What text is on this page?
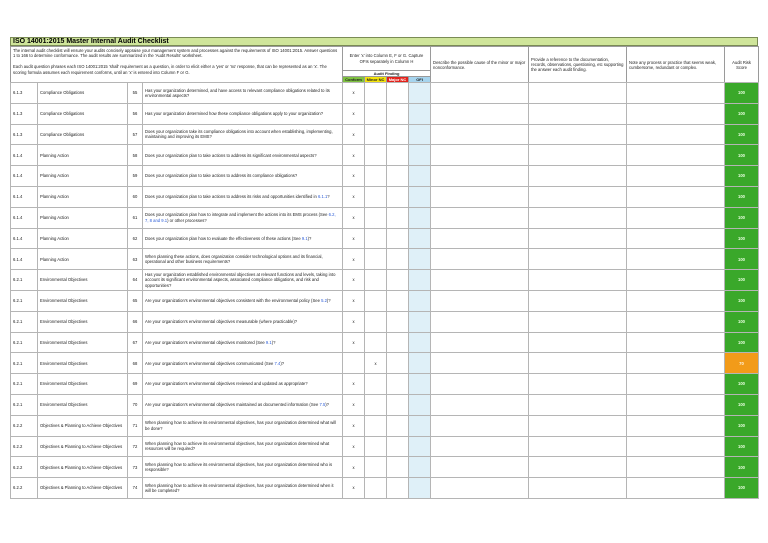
ISO 14001:2015 Master Internal Audit Checklist
The internal audit checklist will ensure your audits concisely appraise your management system and processes against the requirements of ISO 14001:2015. Answer questions 1 to 166 to determine conformance. The audit results are summarized in the 'Audit Results' worksheet.
Each audit question phrases each ISO 14001:2015 'shall' requirement as a question, in order to elicit either a 'yes' or 'no' response, that can be represented as an 'x'. The scoring formula assumes each requirement conforms, until an 'x' is entered into Column F or G.	Enter 'x' into Column E, F or G. Capture OFIs separately in Column H				Describe the possible cause of the minor or major nonconformance.	Provide a reference to the documentation, records, observations, questioning, etc supporting the answer each audit finding.	Note any process or practice that seems weak, cumbersome, redundant or complex.	Audit Risk Score
	Audit Finding							
	Conform	Minor NC	Major NC	OFI				
6.1.3	Compliance Obligations	55	Has your organization determined, and have access to relevant compliance obligations related to its environmental aspects?	x							100
6.1.3	Compliance Obligations	56	Has your organization determined how these compliance obligations apply to your organization?	x							100
6.1.3	Compliance Obligations	57	Does your organization take its compliance obligations into account when establishing, implementing, maintaining and improving its EMS?	x							100
6.1.4	Planning Action	58	Does your organization plan to take actions to address its significant environmental aspects?	x							100
6.1.4	Planning Action	59	Does your organization plan to take actions to address its compliance obligations?	x							100
6.1.4	Planning Action	60	Does your organization plan to take actions to address its risks and opportunities identified in 6.1.1?	x							100
6.1.4	Planning Action	61	Does your organization plan how to integrate and implement the actions into its EMS process (See 6.2, 7, 8 and 9.1) or other processes?	x							100
6.1.4	Planning Action	62	Does your organization plan how to evaluate the effectiveness of these actions (See 9.1)?	x							100
6.1.4	Planning Action	63	When planning these actions, does organization consider technological options and its financial, operational and other business requirements?	x							100
6.2.1	Environmental Objectives	64	Has your organization established environmental objectives at relevant functions and levels, taking into account its significant environmental aspects, associated compliance obligations, and risk and opportunities?	x							100
6.2.1	Environmental Objectives	65	Are your organization's environmental objectives consistent with the environmental policy (See 5.2)?	x							100
6.2.1	Environmental Objectives	66	Are your organization's environmental objectives measurable (where practicable)?	x							100
6.2.1	Environmental Objectives	67	Are your organization's environmental objectives monitored (See 9.1)?	x							100
6.2.1	Environmental Objectives	68	Are your organization's environmental objectives communicated (See 7.4)?		x						70
6.2.1	Environmental Objectives	69	Are your organization's environmental objectives reviewed and updated as appropriate?	x							100
6.2.1	Environmental Objectives	70	Are your organization's environmental objectives maintained as documented information (See 7.5)?	x							100
6.2.2	Objectives & Planning to Achieve Objectives	71	When planning how to achieve its environmental objectives, has your organization determined what will be done?	x							100
6.2.2	Objectives & Planning to Achieve Objectives	72	When planning how to achieve its environmental objectives, has your organization determined what resources will be required?	x							100
6.2.2	Objectives & Planning to Achieve Objectives	73	When planning how to achieve its environmental objectives, has your organization determined who is responsible?	x							100
6.2.2	Objectives & Planning to Achieve Objectives	74	When planning how to achieve its environmental objectives, has your organization determined when it will be completed?	x							100
